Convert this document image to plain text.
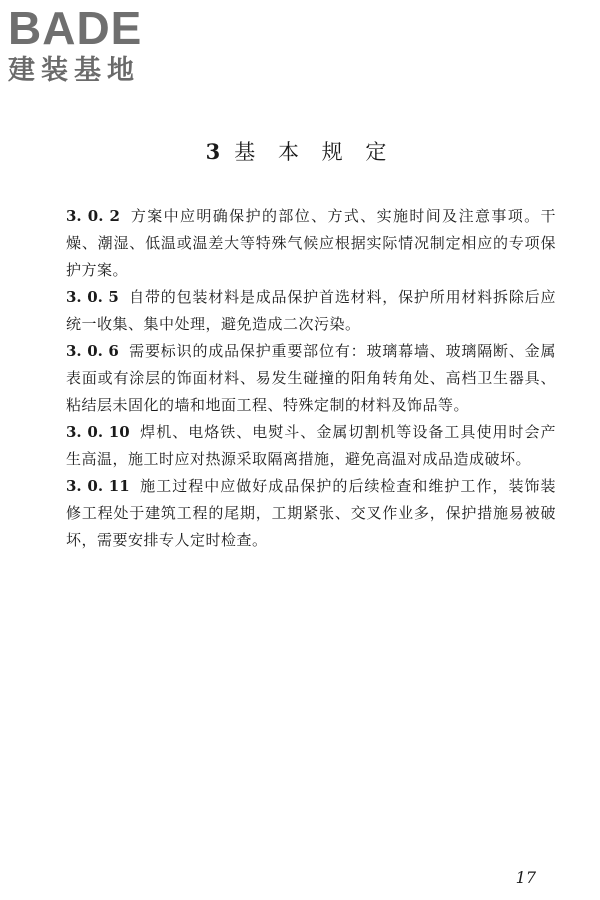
BADE
建装基地
3 基 本 规 定

3. 0. 2 方案中应明确保护的部位、方式、实施时间及注意事项。干燥、潮湿、低温或温差大等特殊气候应根据实际情况制定相应的专项保护方案。

3. 0. 5 自带的包装材料是成品保护首选材料，保护所用材料拆除后应统一收集、集中处理，避免造成二次污染。

3. 0. 6 需要标识的成品保护重要部位有：玻璃幕墙、玻璃隔断、金属表面或有涂层的饰面材料、易发生碰撞的阳角转角处、高档卫生器具、粘结层未固化的墙和地面工程、特殊定制的材料及饰品等。

3. 0. 10 焊机、电烙铁、电熨斗、金属切割机等设备工具使用时会产生高温，施工时应对热源采取隔离措施，避免高温对成品造成破坏。

3. 0. 11 施工过程中应做好成品保护的后续检查和维护工作，装饰装修工程处于建筑工程的尾期，工期紧张、交叉作业多，保护措施易被破坏，需要安排专人定时检查。

17
